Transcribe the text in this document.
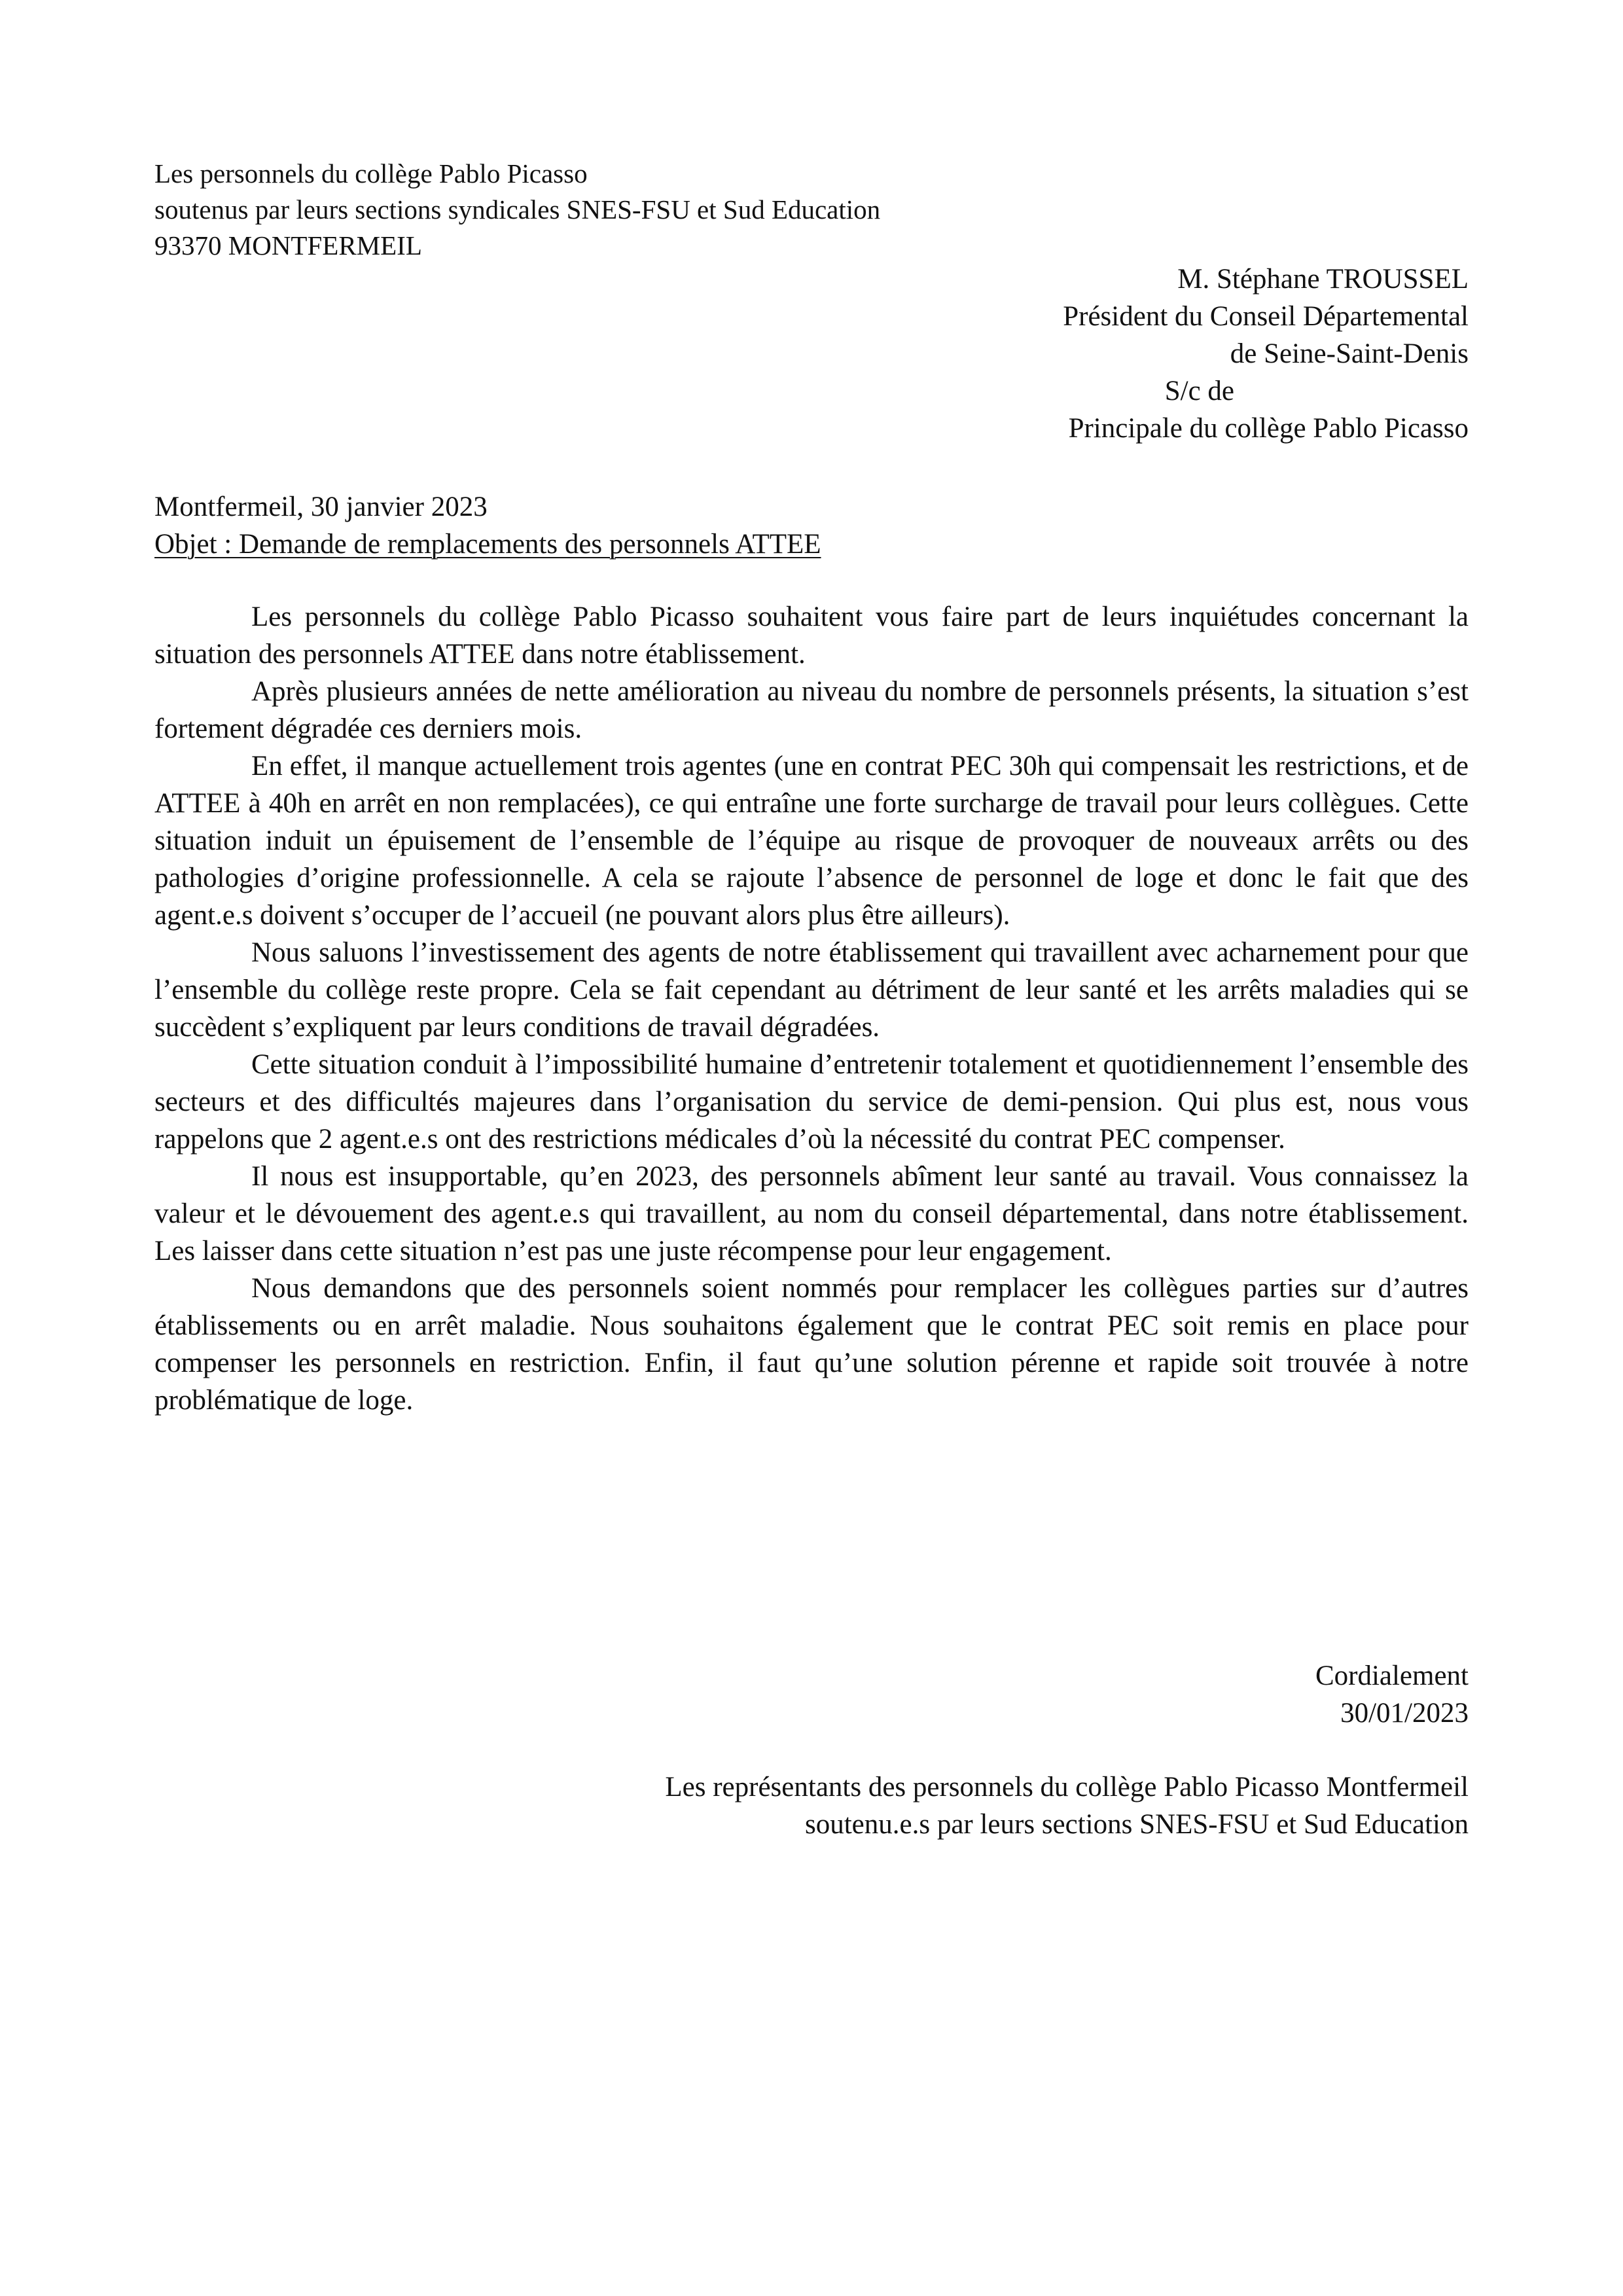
Les personnels du collège Pablo Picasso
soutenus par leurs sections syndicales SNES-FSU et Sud Education
93370 MONTFERMEIL
M. Stéphane TROUSSEL
Président du Conseil Départemental
de Seine-Saint-Denis
S/c de
Principale du collège Pablo Picasso
Montfermeil, 30 janvier 2023
Objet : Demande de remplacements des personnels ATTEE

Les personnels du collège Pablo Picasso souhaitent vous faire part de leurs inquiétudes concernant la situation des personnels ATTEE dans notre établissement.

Après plusieurs années de nette amélioration au niveau du nombre de personnels présents, la situation s’est fortement dégradée ces derniers mois.

En effet, il manque actuellement trois agentes (une en contrat PEC 30h qui compensait les restrictions, et de ATTEE à 40h en arrêt en non remplacées), ce qui entraîne une forte surcharge de travail pour leurs collègues. Cette situation induit un épuisement de l’ensemble de l’équipe au risque de provoquer de nouveaux arrêts ou des pathologies d’origine professionnelle. A cela se rajoute l’absence de personnel de loge et donc le fait que des agent.e.s doivent s’occuper de l’accueil (ne pouvant alors plus être ailleurs).

Nous saluons l’investissement des agents de notre établissement qui travaillent avec acharnement pour que l’ensemble du collège reste propre. Cela se fait cependant au détriment de leur santé et les arrêts maladies qui se succèdent s’expliquent par leurs conditions de travail dégradées.

Cette situation conduit à l’impossibilité humaine d’entretenir totalement et quotidiennement l’ensemble des secteurs et des difficultés majeures dans l’organisation du service de demi-pension. Qui plus est, nous vous rappelons que 2 agent.e.s ont des restrictions médicales d’où la nécessité du contrat PEC compenser.

Il nous est insupportable, qu’en 2023, des personnels abîment leur santé au travail. Vous connaissez la valeur et le dévouement des agent.e.s qui travaillent, au nom du conseil départemental, dans notre établissement. Les laisser dans cette situation n’est pas une juste récompense pour leur engagement.

Nous demandons que des personnels soient nommés pour remplacer les collègues parties sur d’autres établissements ou en arrêt maladie. Nous souhaitons également que le contrat PEC soit remis en place pour compenser les personnels en restriction. Enfin, il faut qu’une solution pérenne et rapide soit trouvée à notre problématique de loge.

Cordialement
30/01/2023
Les représentants des personnels du collège Pablo Picasso Montfermeil
soutenu.e.s par leurs sections SNES-FSU et Sud Education
